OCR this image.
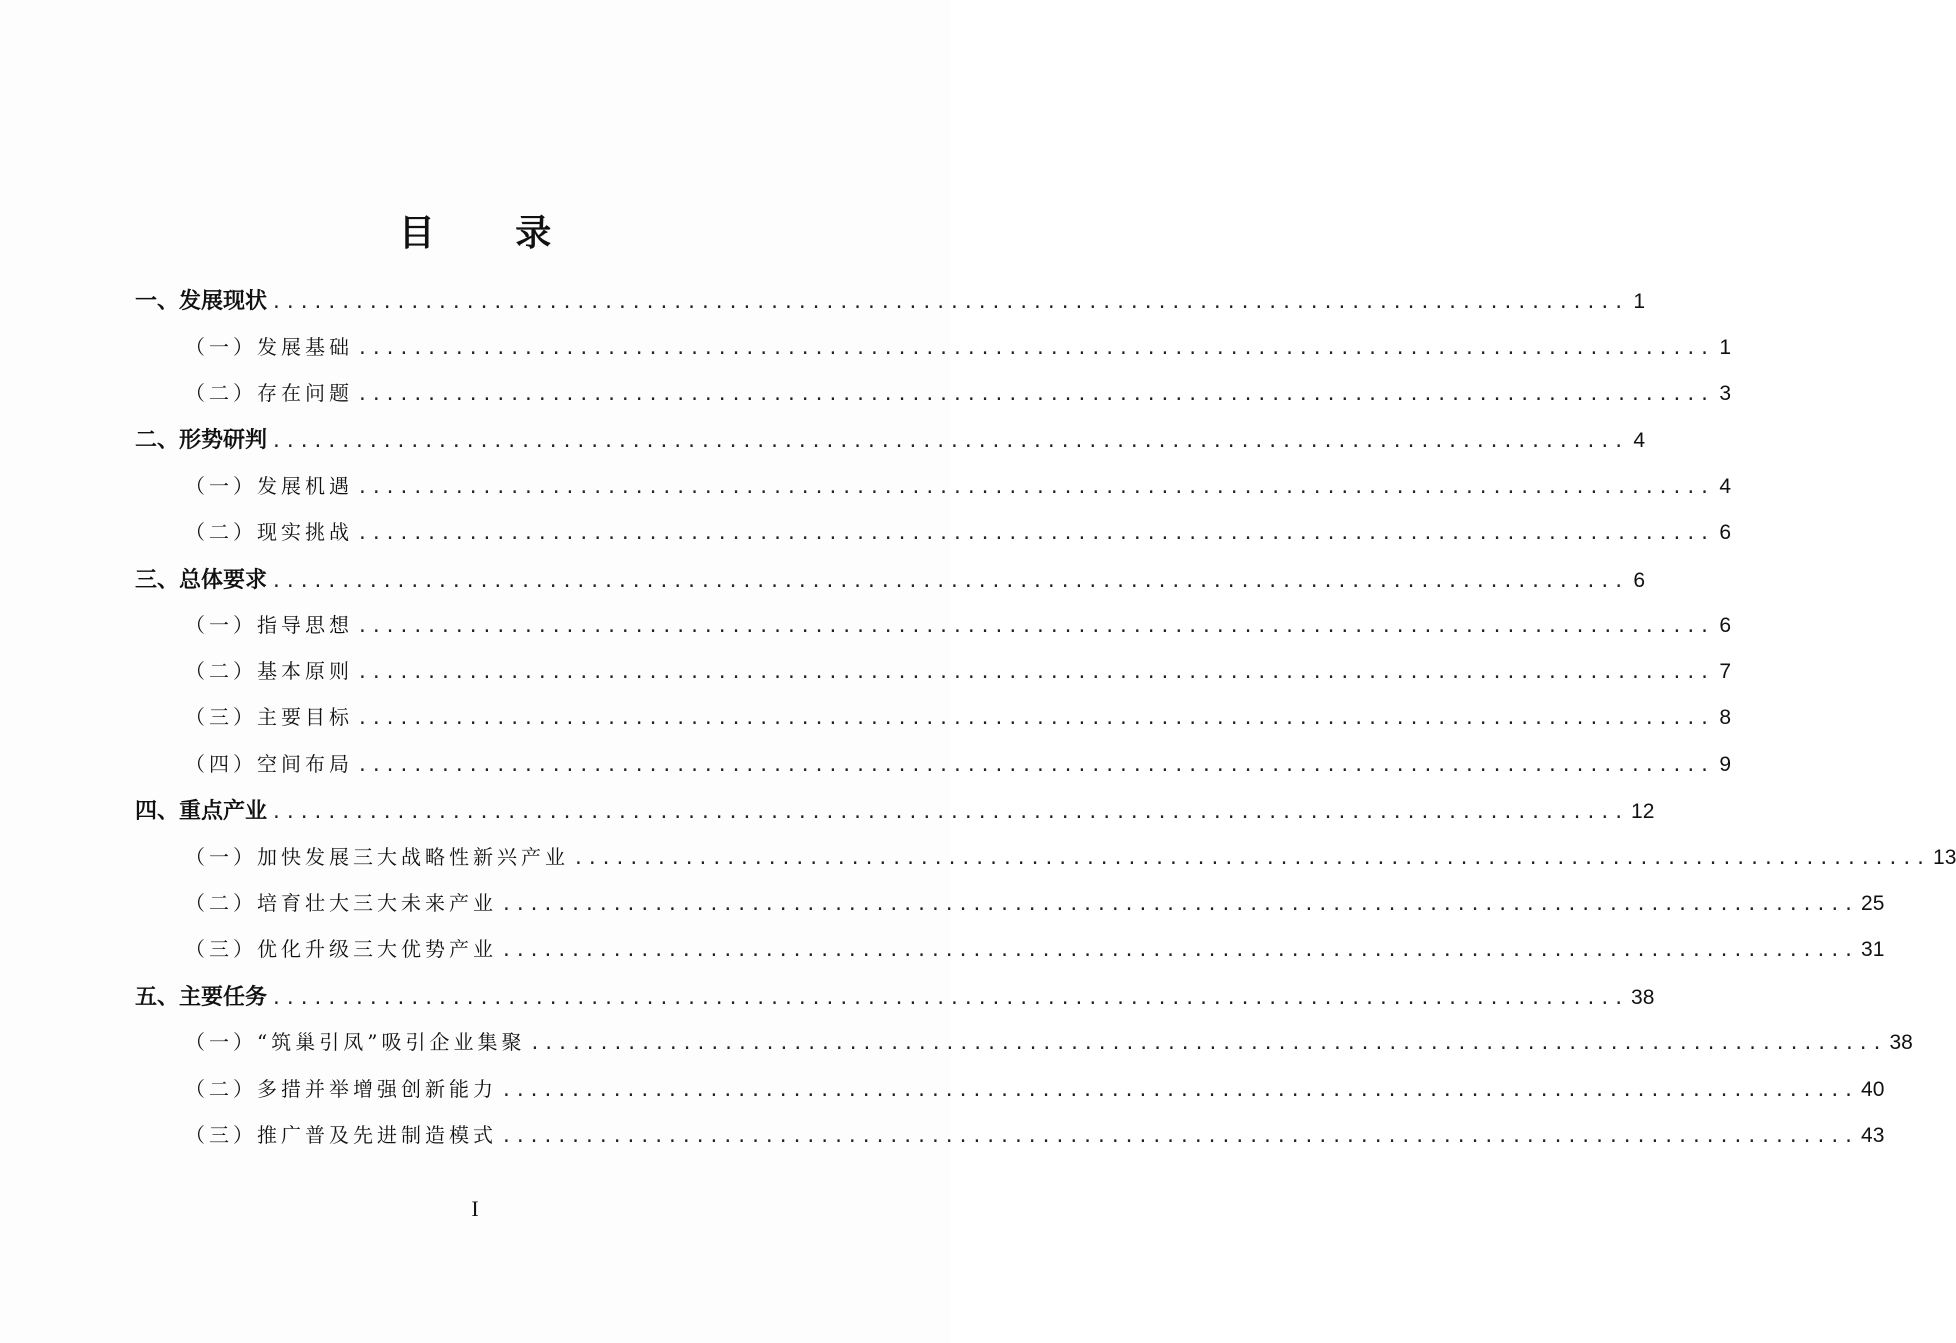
目 录
一、发展现状 .................................................................................................. 1
（一）发展基础 .................................................................................................. 1
（二）存在问题 .................................................................................................. 3
二、形势研判 .................................................................................................. 4
（一）发展机遇 .................................................................................................. 4
（二）现实挑战 .................................................................................................. 6
三、总体要求 .................................................................................................. 6
（一）指导思想 .................................................................................................. 6
（二）基本原则 .................................................................................................. 7
（三）主要目标 .................................................................................................. 8
（四）空间布局 .................................................................................................. 9
四、重点产业 .................................................................................................. 12
（一）加快发展三大战略性新兴产业 .................................................................................................. 13
（二）培育壮大三大未来产业 .................................................................................................. 25
（三）优化升级三大优势产业 .................................................................................................. 31
五、主要任务 .................................................................................................. 38
（一）“筑巢引凤”吸引企业集聚 .................................................................................................. 38
（二）多措并举增强创新能力 .................................................................................................. 40
（三）推广普及先进制造模式 .................................................................................................. 43
I
